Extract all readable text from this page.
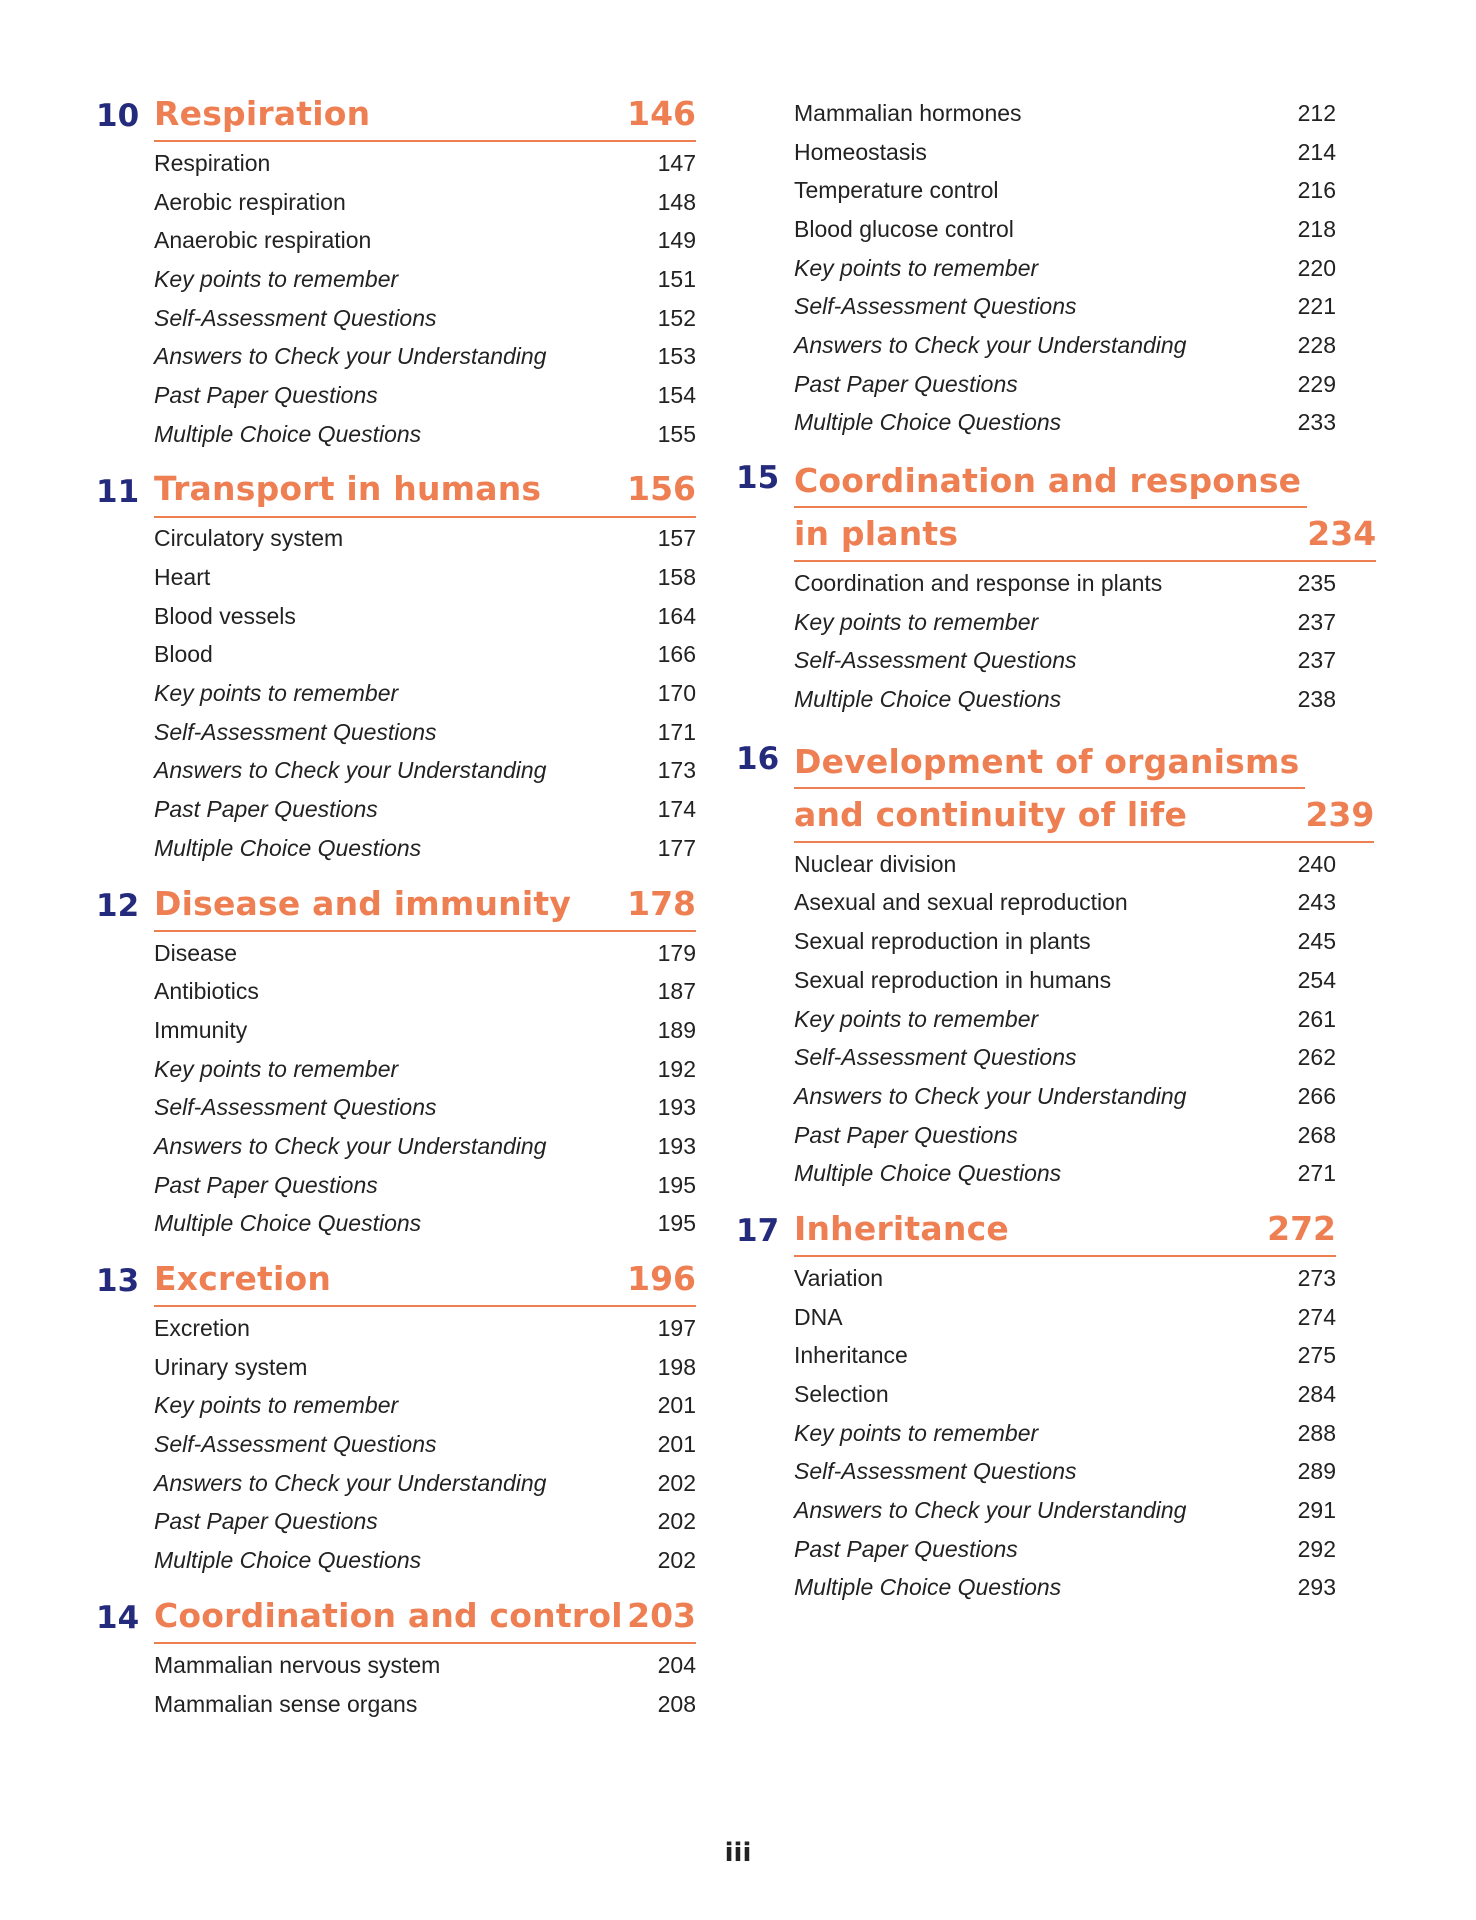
10 Respiration	146
Respiration	147
Aerobic respiration	148
Anaerobic respiration	149
Key points to remember	151
Self-Assessment Questions	152
Answers to Check your Understanding	153
Past Paper Questions	154
Multiple Choice Questions	155
11 Transport in humans	156
Circulatory system	157
Heart	158
Blood vessels	164
Blood	166
Key points to remember	170
Self-Assessment Questions	171
Answers to Check your Understanding	173
Past Paper Questions	174
Multiple Choice Questions	177
12 Disease and immunity 178
Disease	179
Antibiotics	187
Immunity	189
Key points to remember	192
Self-Assessment Questions	193
Answers to Check your Understanding	193
Past Paper Questions	195
Multiple Choice Questions	195
13 Excretion	196
Excretion	197
Urinary system	198
Key points to remember	201
Self-Assessment Questions	201
Answers to Check your Understanding	202
Past Paper Questions	202
Multiple Choice Questions	202
14 Coordination and control 203
Mammalian nervous system	204
Mammalian sense organs	208
Mammalian hormones	212
Homeostasis	214
Temperature control	216
Blood glucose control	218
Key points to remember	220
Self-Assessment Questions	221
Answers to Check your Understanding	228
Past Paper Questions	229
Multiple Choice Questions	233
15 Coordination and response
in plants	234
Coordination and response in plants	235
Key points to remember	237
Self-Assessment Questions	237
Multiple Choice Questions	238
16 Development of organisms
and continuity of life	239
Nuclear division	240
Asexual and sexual reproduction	243
Sexual reproduction in plants	245
Sexual reproduction in humans	254
Key points to remember	261
Self-Assessment Questions	262
Answers to Check your Understanding	266
Past Paper Questions	268
Multiple Choice Questions	271
17 Inheritance	272
Variation	273
DNA	274
Inheritance	275
Selection	284
Key points to remember	288
Self-Assessment Questions	289
Answers to Check your Understanding	291
Past Paper Questions	292
Multiple Choice Questions	293
iii
